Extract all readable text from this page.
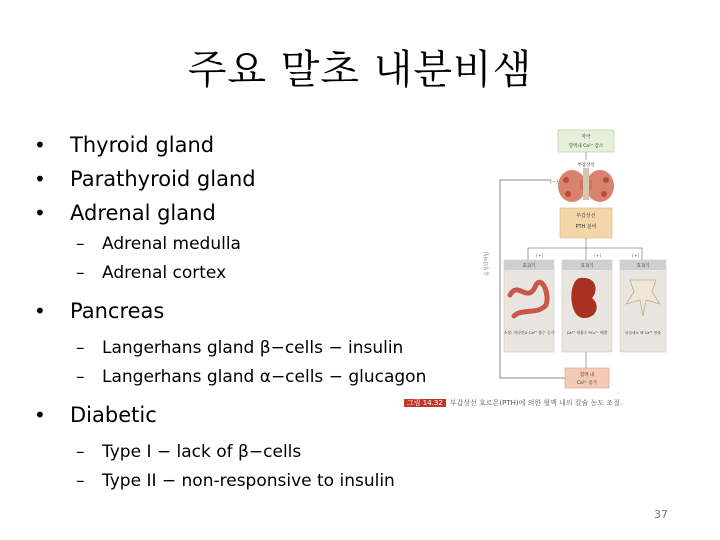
주요 말초 내분비샘
• Thyroid gland
• Parathyroid gland
• Adrenal gland
– Adrenal medulla
– Adrenal cortex
• Pancreas
– Langerhans gland β−cells − insulin
– Langerhans gland α−cells − glucagon
• Diabetic
– Type I − lack of β−cells
– Type II − non-responsive to insulin
음성되먹임
(−)
자극
혈액내 Ca²⁺ 감소
부갑상선
부갑상선
PTH 분비
(+)	(+)	(+)
효과기
소장: 비타민D Ca²⁺ 흡수 증가
효과기
Ca²⁺ 재흡수 PO₄³⁻ 배출
효과기
파골세포 뼈 Ca²⁺ 방출
혈액 내
Ca²⁺ 증가
그림 14.32 부갑상선 호르몬(PTH)에 의한 혈액 내의 칼슘 농도 조절.
37
